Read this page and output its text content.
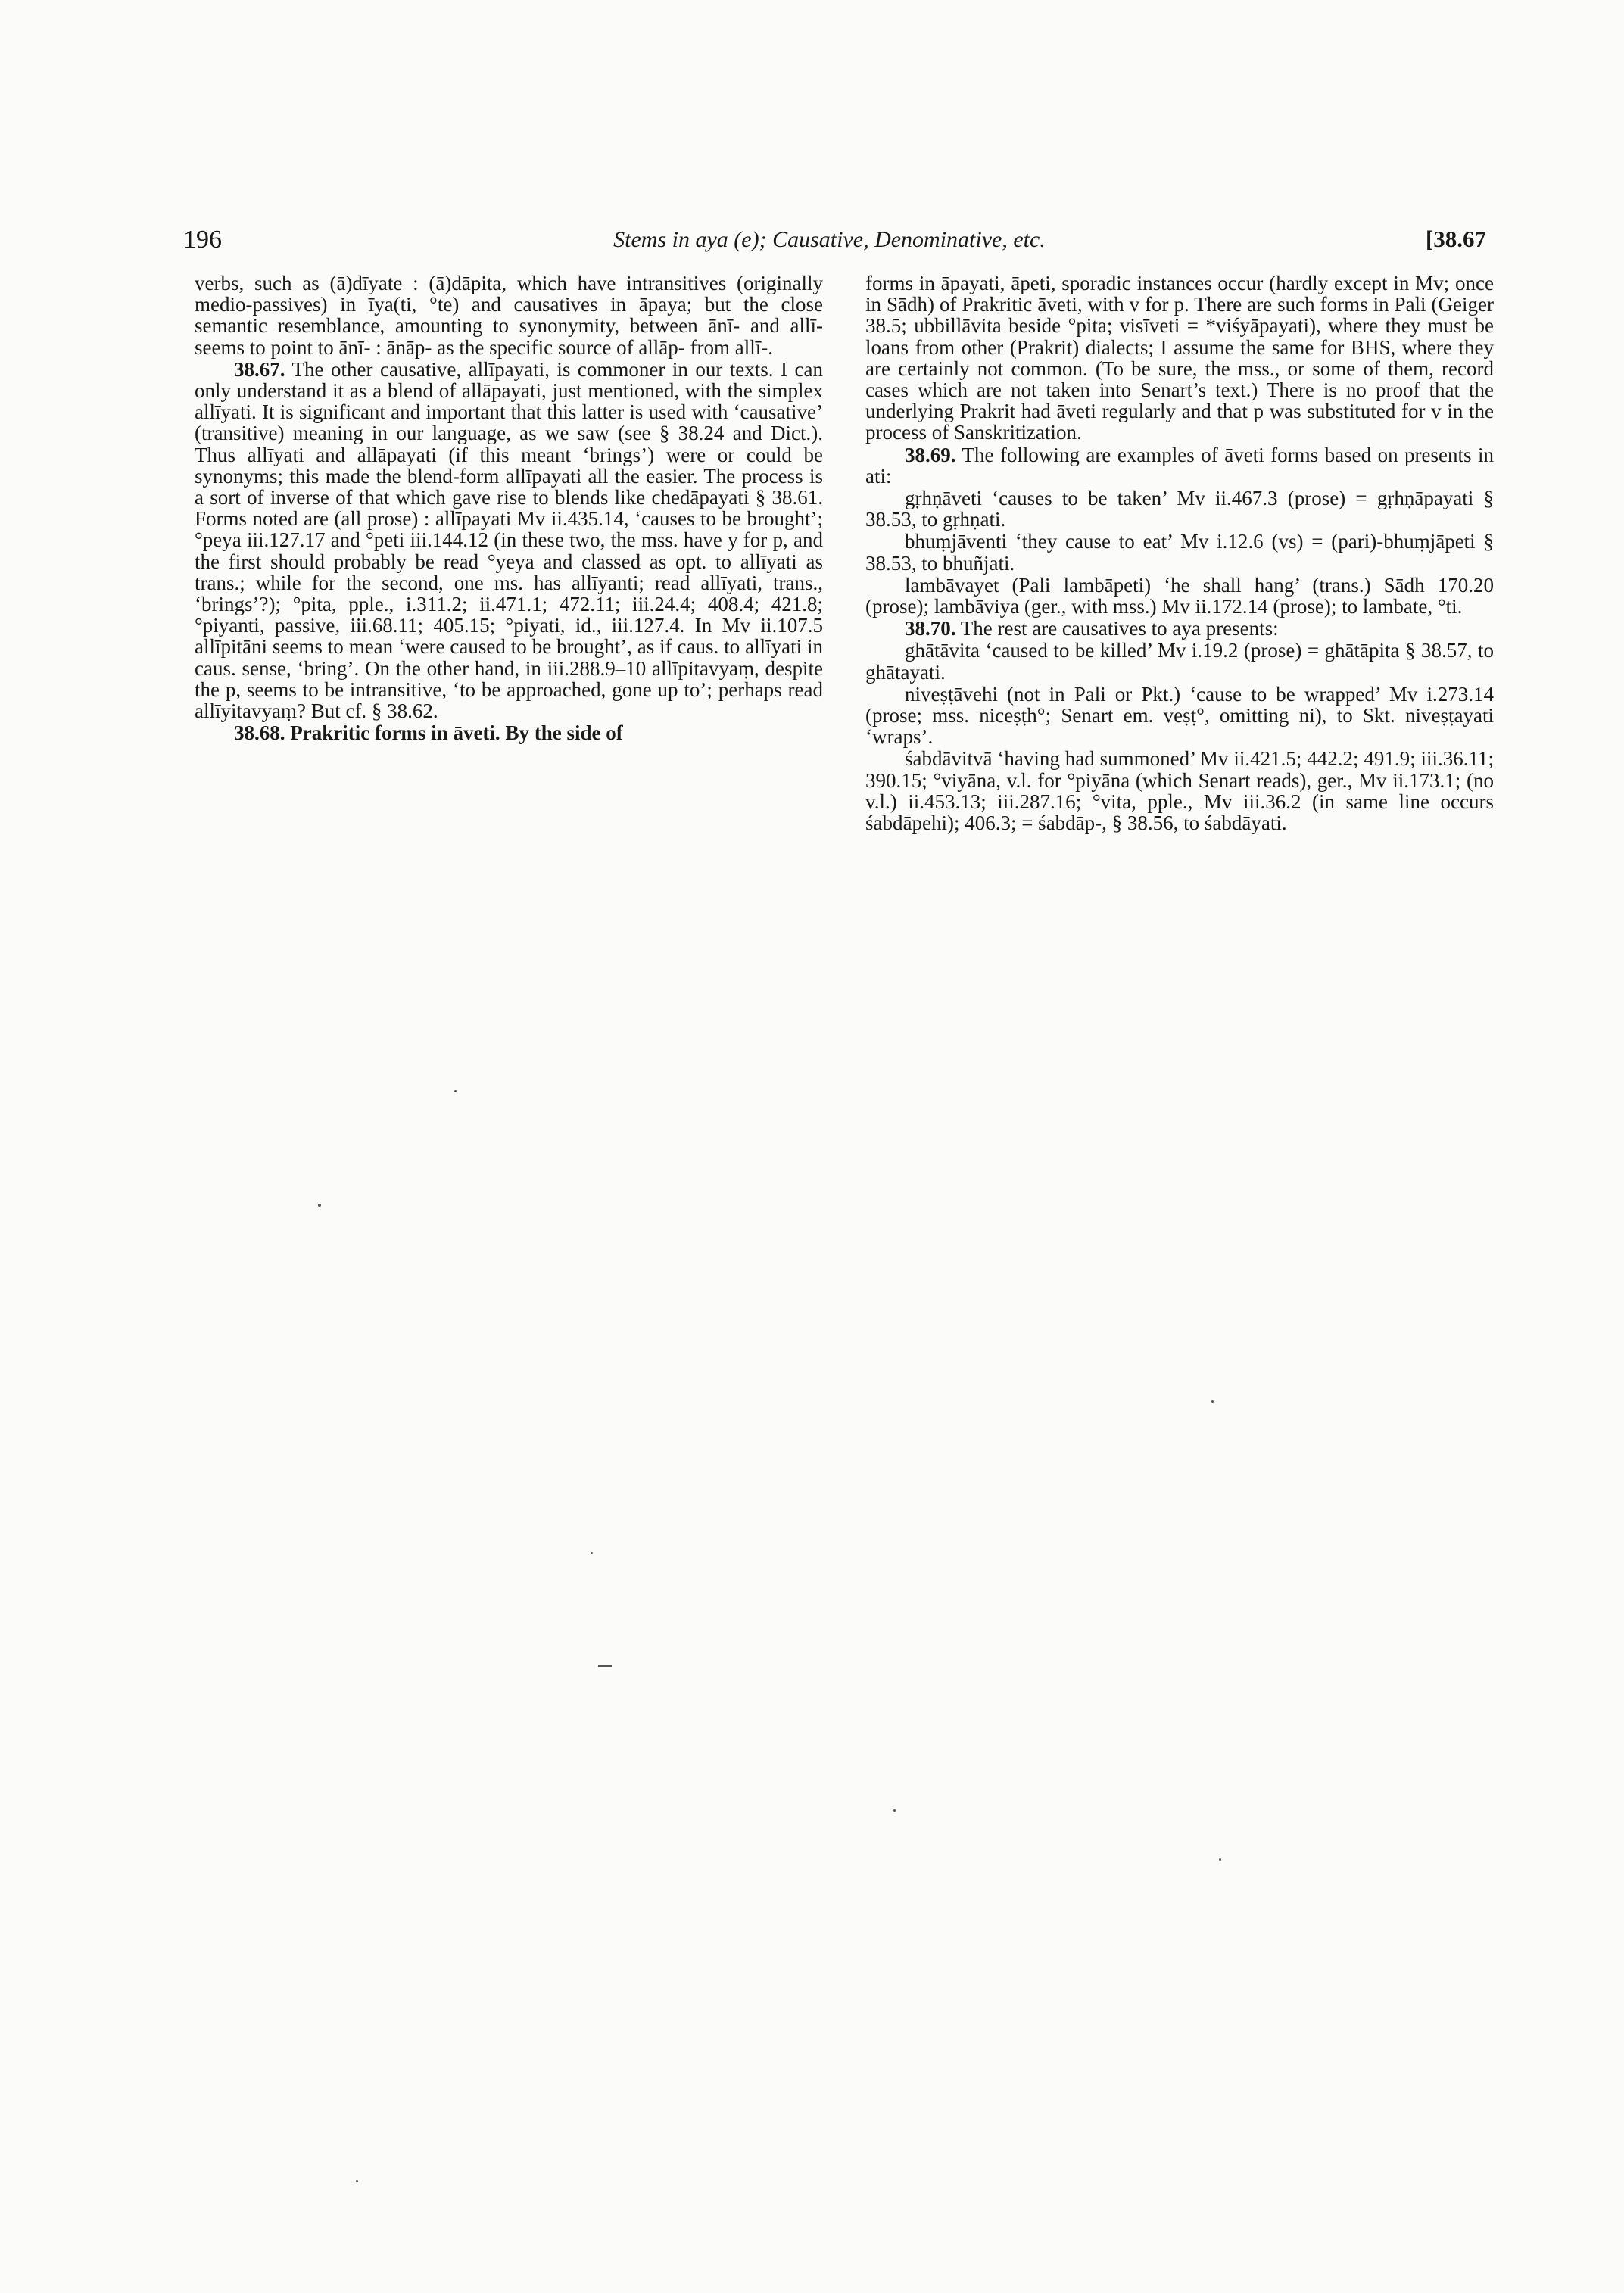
196	Stems in aya (e); Causative, Denominative, etc.	[38.67

verbs, such as (ā)dīyate : (ā)dāpita, which have intransitives (originally medio-passives) in īya(ti, °te) and causatives in āpaya; but the close semantic resemblance, amounting to synonymity, between ānī- and allī- seems to point to ānī- : ānāp- as the specific source of allāp- from allī-.

38.67. The other causative, allīpayati, is commoner in our texts. I can only understand it as a blend of allāpayati, just mentioned, with the simplex allīyati. It is significant and important that this latter is used with ‘causative’ (transitive) meaning in our language, as we saw (see § 38.24 and Dict.). Thus allīyati and allāpayati (if this meant ‘brings’) were or could be synonyms; this made the blend-form allīpayati all the easier. The process is a sort of inverse of that which gave rise to blends like chedāpayati § 38.61. Forms noted are (all prose) : allīpayati Mv ii.435.14, ‘causes to be brought’; °peya iii.127.17 and °peti iii.144.12 (in these two, the mss. have y for p, and the first should probably be read °yeya and classed as opt. to allīyati as trans.; while for the second, one ms. has allīyanti; read allīyati, trans., ‘brings’?); °pita, pple., i.311.2; ii.471.1; 472.11; iii.24.4; 408.4; 421.8; °piyanti, passive, iii.68.11; 405.15; °piyati, id., iii.127.4. In Mv ii.107.5 allīpitāni seems to mean ‘were caused to be brought’, as if caus. to allīyati in caus. sense, ‘bring’. On the other hand, in iii.288.9–10 allīpitavyaṃ, despite the p, seems to be intransitive, ‘to be approached, gone up to’; perhaps read allīyitavyaṃ? But cf. § 38.62.

38.68. Prakritic forms in āveti. By the side of

forms in āpayati, āpeti, sporadic instances occur (hardly except in Mv; once in Sādh) of Prakritic āveti, with v for p. There are such forms in Pali (Geiger 38.5; ubbillāvita beside °pita; visīveti = *viśyāpayati), where they must be loans from other (Prakrit) dialects; I assume the same for BHS, where they are certainly not common. (To be sure, the mss., or some of them, record cases which are not taken into Senart’s text.) There is no proof that the underlying Prakrit had āveti regularly and that p was substituted for v in the process of Sanskritization.

38.69. The following are examples of āveti forms based on presents in ati:

gṛhṇāveti ‘causes to be taken’ Mv ii.467.3 (prose) = gṛhṇāpayati § 38.53, to gṛhṇati.

bhuṃjāventi ‘they cause to eat’ Mv i.12.6 (vs) = (pari)-bhuṃjāpeti § 38.53, to bhuñjati.

lambāvayet (Pali lambāpeti) ‘he shall hang’ (trans.) Sādh 170.20 (prose); lambāviya (ger., with mss.) Mv ii.172.14 (prose); to lambate, °ti.

38.70. The rest are causatives to aya presents:

ghātāvita ‘caused to be killed’ Mv i.19.2 (prose) = ghātāpita § 38.57, to ghātayati.

niveṣṭāvehi (not in Pali or Pkt.) ‘cause to be wrapped’ Mv i.273.14 (prose; mss. niceṣṭh°; Senart em. veṣṭ°, omitting ni), to Skt. niveṣṭayati ‘wraps’.

śabdāvitvā ‘having had summoned’ Mv ii.421.5; 442.2; 491.9; iii.36.11; 390.15; °viyāna, v.l. for °piyāna (which Senart reads), ger., Mv ii.173.1; (no v.l.) ii.453.13; iii.287.16; °vita, pple., Mv iii.36.2 (in same line occurs śabdāpehi); 406.3; = śabdāp-, § 38.56, to śabdāyati.
